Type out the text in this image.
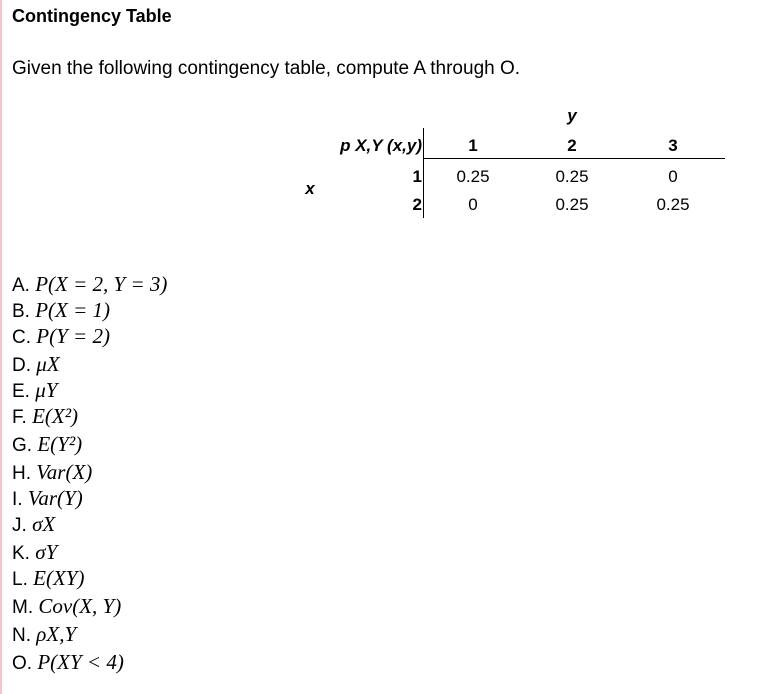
Contingency Table
Given the following contingency table, compute A through O.
y
p X,Y (x,y)	1	2	3
x
1	0.25	0.25	0
2	0	0.25	0.25
A. P(X = 2, Y = 3)
B. P(X = 1)
C. P(Y = 2)
D. μX
E. μY
F. E(X²)
G. E(Y²)
H. Var(X)
I. Var(Y)
J. σX
K. σY
L. E(XY)
M. Cov(X, Y)
N. ρX,Y
O. P(XY < 4)
